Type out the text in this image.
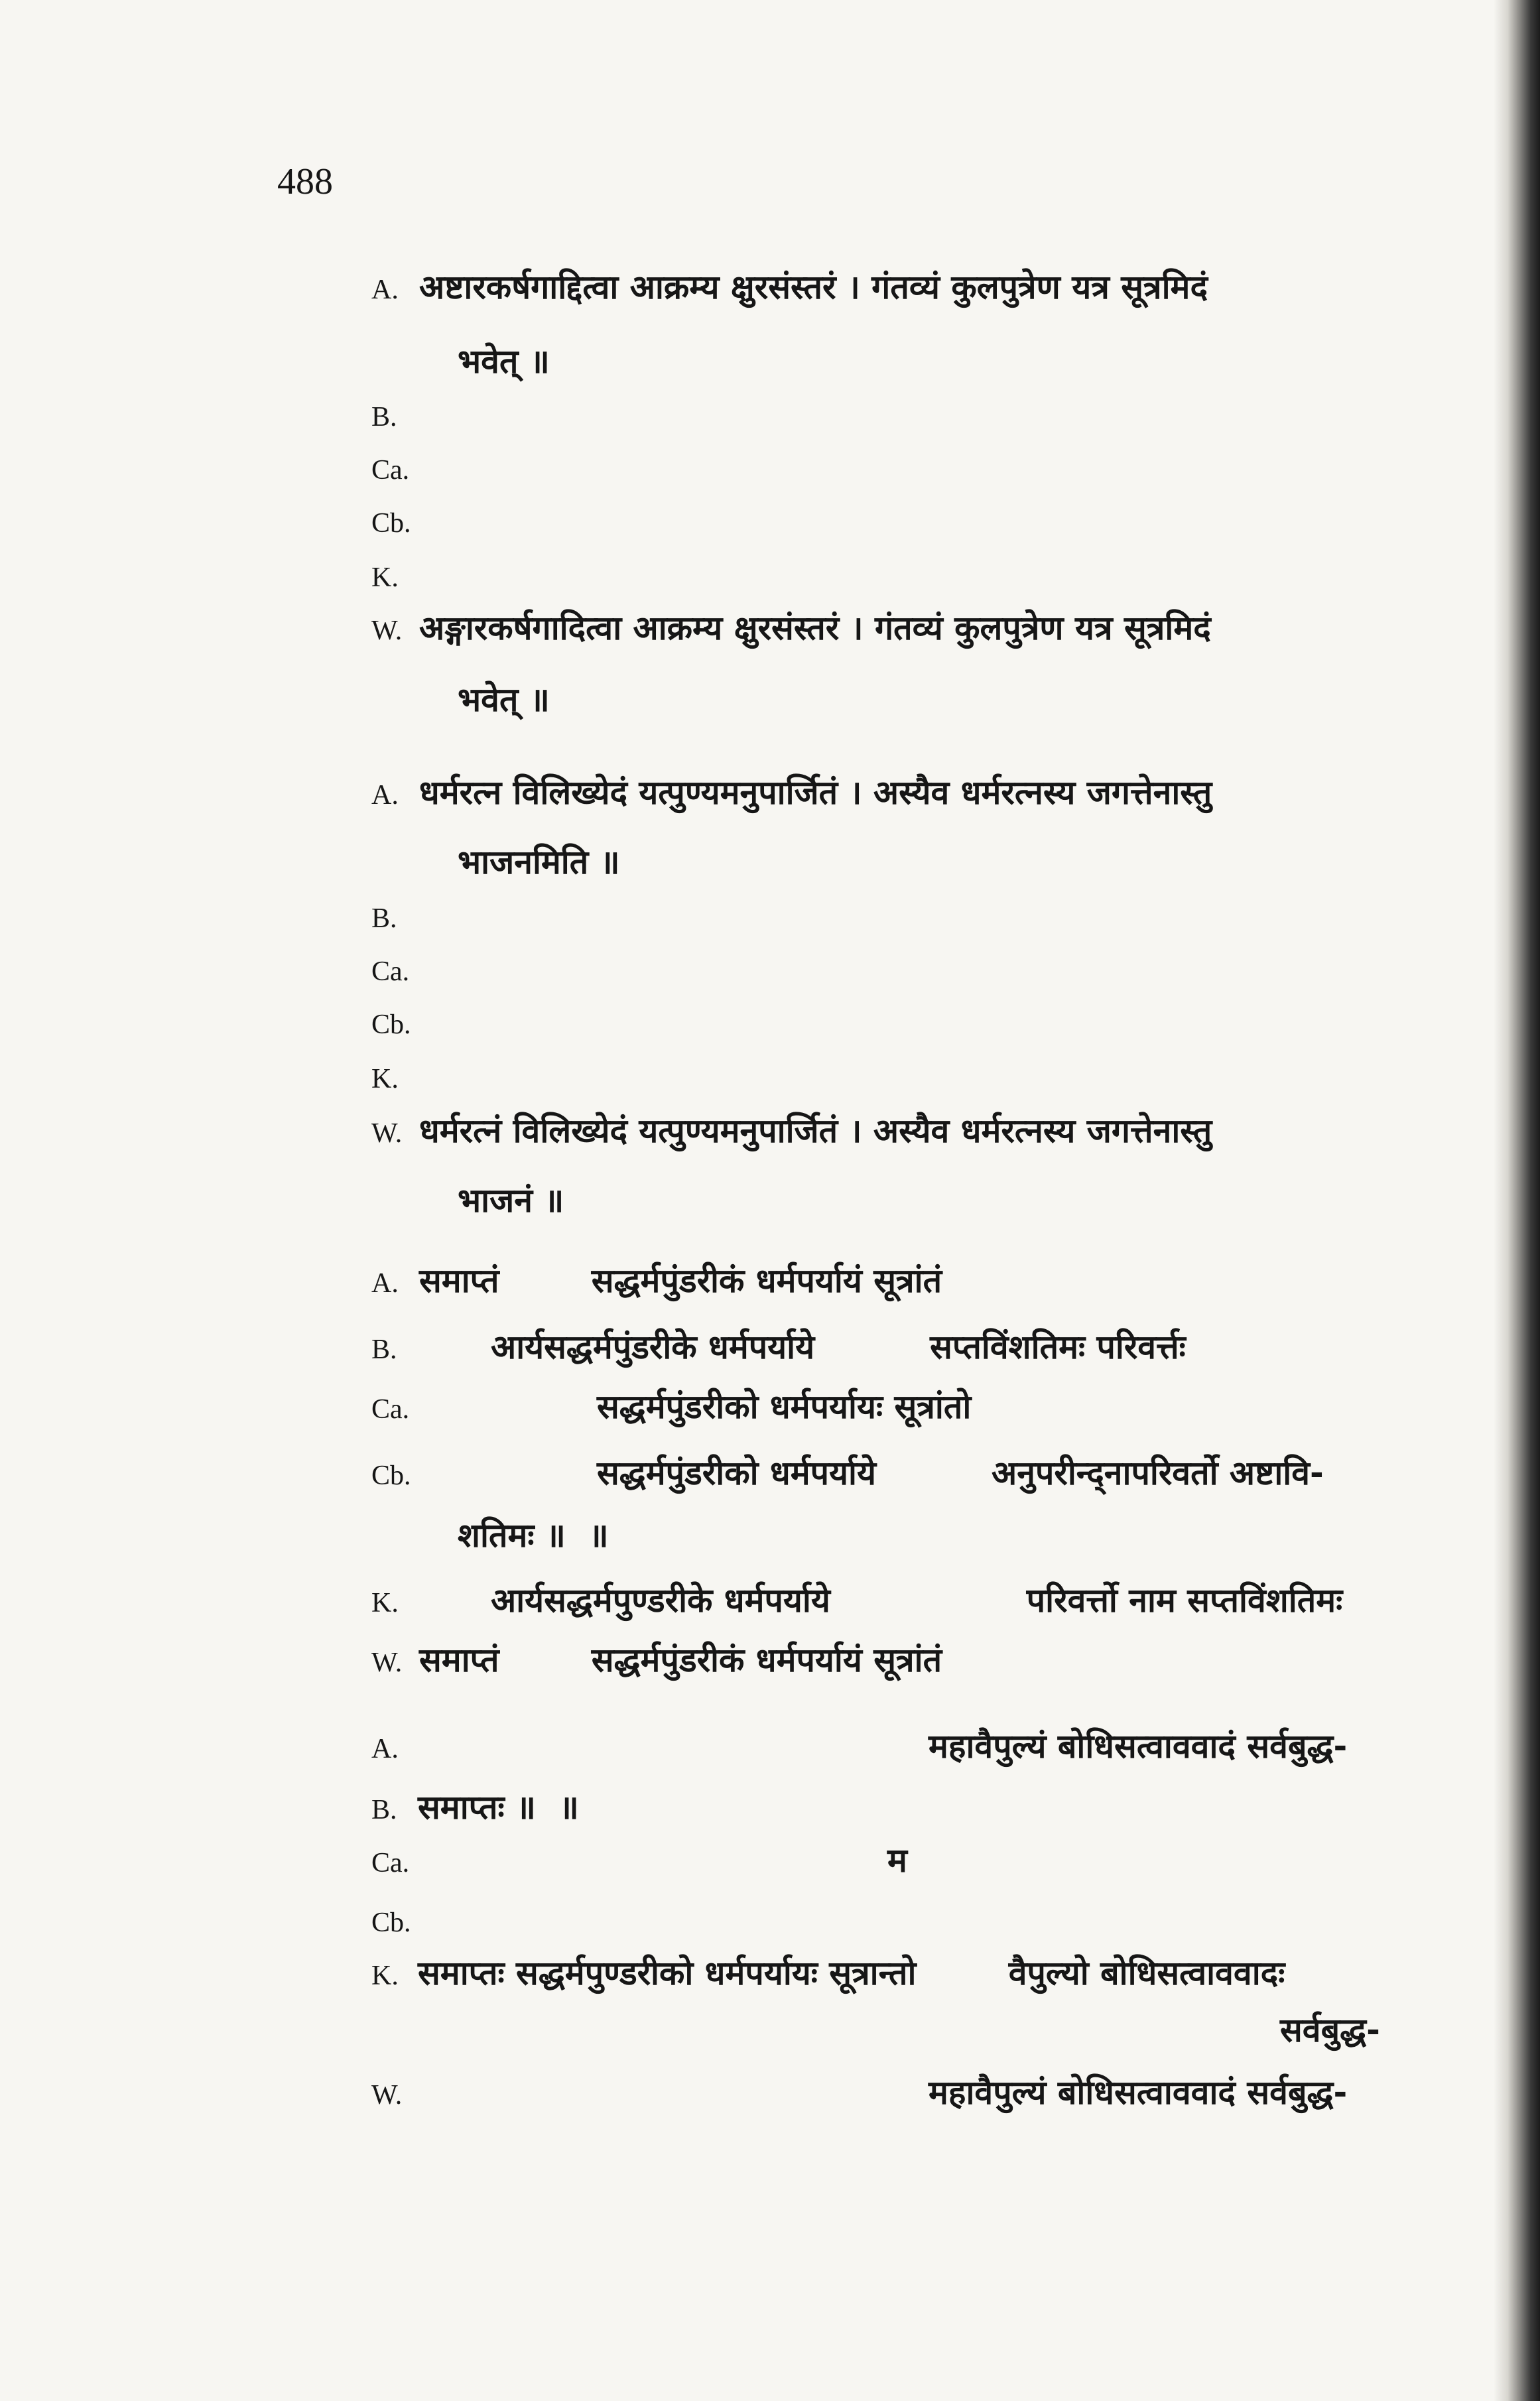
488
A. अष्टारकर्षगाद्दित्वा आक्रम्य क्षुरसंस्तरं । गंतव्यं कुलपुत्रेण यत्र सूत्रमिदं
भवेत् ॥
B.
Ca.
Cb.
K.
W. अङ्गारकर्षगादित्वा आक्रम्य क्षुरसंस्तरं । गंतव्यं कुलपुत्रेण यत्र सूत्रमिदं
भवेत् ॥
A. धर्मरत्न विलिख्येदं यत्पुण्यमनुपार्जितं । अस्यैव धर्मरत्नस्य जगत्तेनास्तु
भाजनमिति ॥
B.
Ca.
Cb.
K.
W. धर्मरत्नं विलिख्येदं यत्पुण्यमनुपार्जितं । अस्यैव धर्मरत्नस्य जगत्तेनास्तु
भाजनं ॥
A. समाप्तं        सद्धर्मपुंडरीकं धर्मपर्यायं सूत्रांतं
B.	आर्यसद्धर्मपुंडरीके धर्मपर्याये          सप्तविंशतिमः परिवर्त्तः
Ca.	सद्धर्मपुंडरीको धर्मपर्यायः सूत्रांतो
Cb.	सद्धर्मपुंडरीको धर्मपर्याये          अनुपरीन्द्नापरिवर्तो अष्टावि-
शतिमः ॥  ॥
K.	आर्यसद्धर्मपुण्डरीके धर्मपर्याये                 परिवर्त्तो नाम सप्तविंशतिमः
W. समाप्तं        सद्धर्मपुंडरीकं धर्मपर्यायं सूत्रांतं
A.	महावैपुल्यं बोधिसत्वाववादं सर्वबुद्ध-
B. समाप्तः ॥  ॥
Ca.	म
Cb.
K. समाप्तः सद्धर्मपुण्डरीको धर्मपर्यायः सूत्रान्तो        वैपुल्यो बोधिसत्वाववादः
सर्वबुद्ध-
W.	महावैपुल्यं बोधिसत्वाववादं सर्वबुद्ध-
